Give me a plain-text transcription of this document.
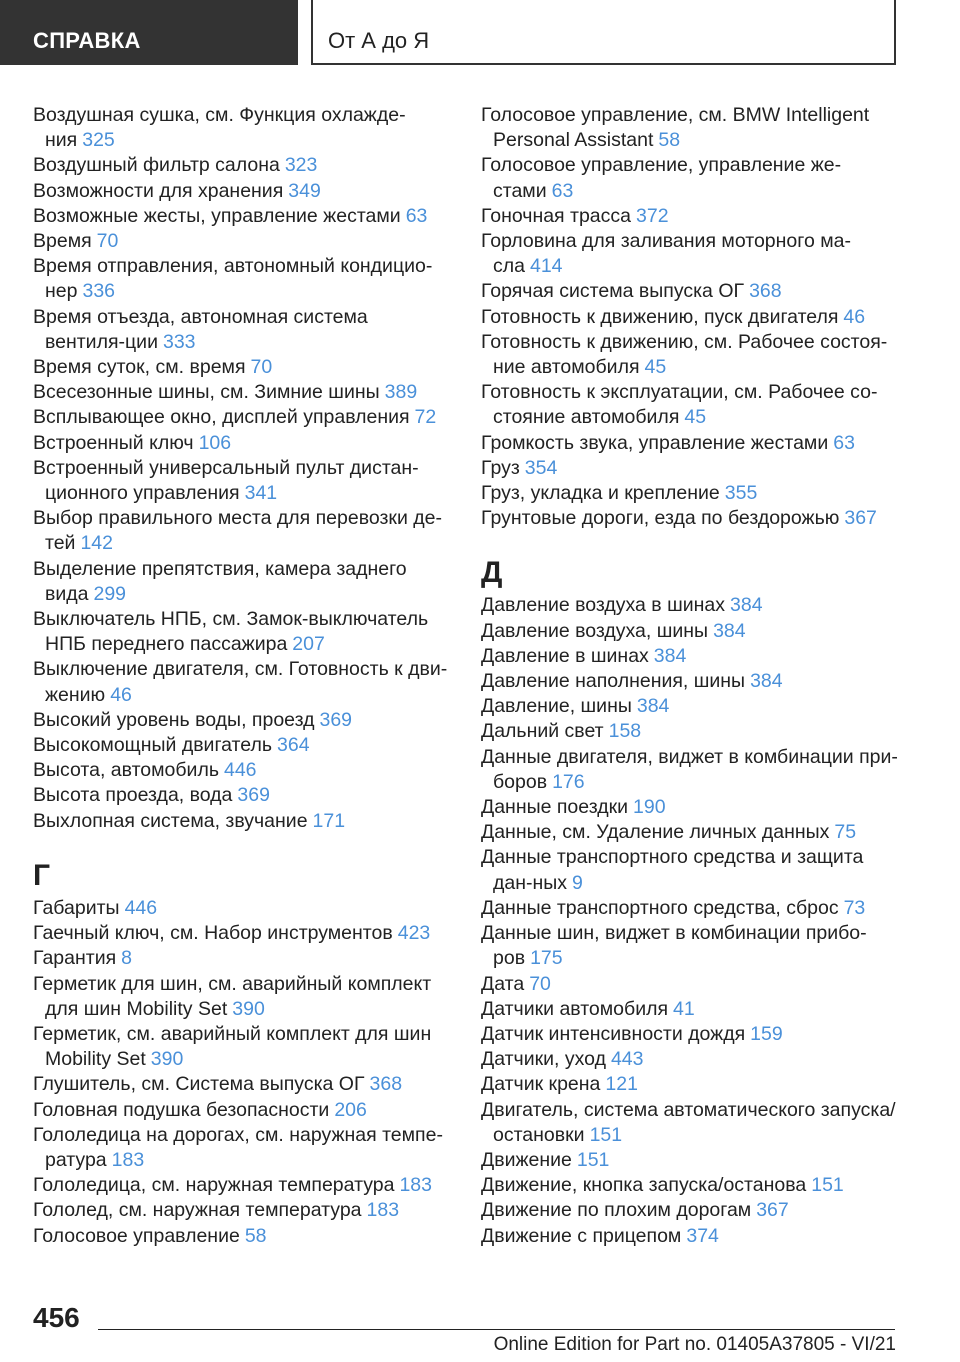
СПРАВКА	От А до Я
Воздушная сушка, см. Функция охлажде-ния 325
Воздушный фильтр салона 323
Возможности для хранения 349
Возможные жесты, управление жестами 63
Время 70
Время отправления, автономный кондицио-нер 336
Время отъезда, автономная система вентиля-ции 333
Время суток, см. время 70
Всесезонные шины, см. Зимние шины 389
Всплывающее окно, дисплей управления 72
Встроенный ключ 106
Встроенный универсальный пульт дистан-ционного управления 341
Выбор правильного места для перевозки де-тей 142
Выделение препятствия, камера заднего вида 299
Выключатель НПБ, см. Замок-выключатель НПБ переднего пассажира 207
Выключение двигателя, см. Готовность к дви-жению 46
Высокий уровень воды, проезд 369
Высокомощный двигатель 364
Высота, автомобиль 446
Высота проезда, вода 369
Выхлопная система, звучание 171
Г
Габариты 446
Гаечный ключ, см. Набор инструментов 423
Гарантия 8
Герметик для шин, см. аварийный комплект для шин Mobility Set 390
Герметик, см. аварийный комплект для шин Mobility Set 390
Глушитель, см. Система выпуска ОГ 368
Головная подушка безопасности 206
Гололедица на дорогах, см. наружная темпе-ратура 183
Гололедица, см. наружная температура 183
Гололед, см. наружная температура 183
Голосовое управление 58
Голосовое управление, см. BMW Intelligent Personal Assistant 58
Голосовое управление, управление же-стами 63
Гоночная трасса 372
Горловина для заливания моторного ма-сла 414
Горячая система выпуска ОГ 368
Готовность к движению, пуск двигателя 46
Готовность к движению, см. Рабочее состоя-ние автомобиля 45
Готовность к эксплуатации, см. Рабочее со-стояние автомобиля 45
Громкость звука, управление жестами 63
Груз 354
Груз, укладка и крепление 355
Грунтовые дороги, езда по бездорожью 367
Д
Давление воздуха в шинах 384
Давление воздуха, шины 384
Давление в шинах 384
Давление наполнения, шины 384
Давление, шины 384
Дальний свет 158
Данные двигателя, виджет в комбинации при-боров 176
Данные поездки 190
Данные, см. Удаление личных данных 75
Данные транспортного средства и защита дан-ных 9
Данные транспортного средства, сброс 73
Данные шин, виджет в комбинации прибо-ров 175
Дата 70
Датчики автомобиля 41
Датчик интенсивности дождя 159
Датчики, уход 443
Датчик крена 121
Двигатель, система автоматического запуска/остановки 151
Движение 151
Движение, кнопка запуска/останова 151
Движение по плохим дорогам 367
Движение с прицепом 374
456
Online Edition for Part no. 01405A37805 - VI/21
